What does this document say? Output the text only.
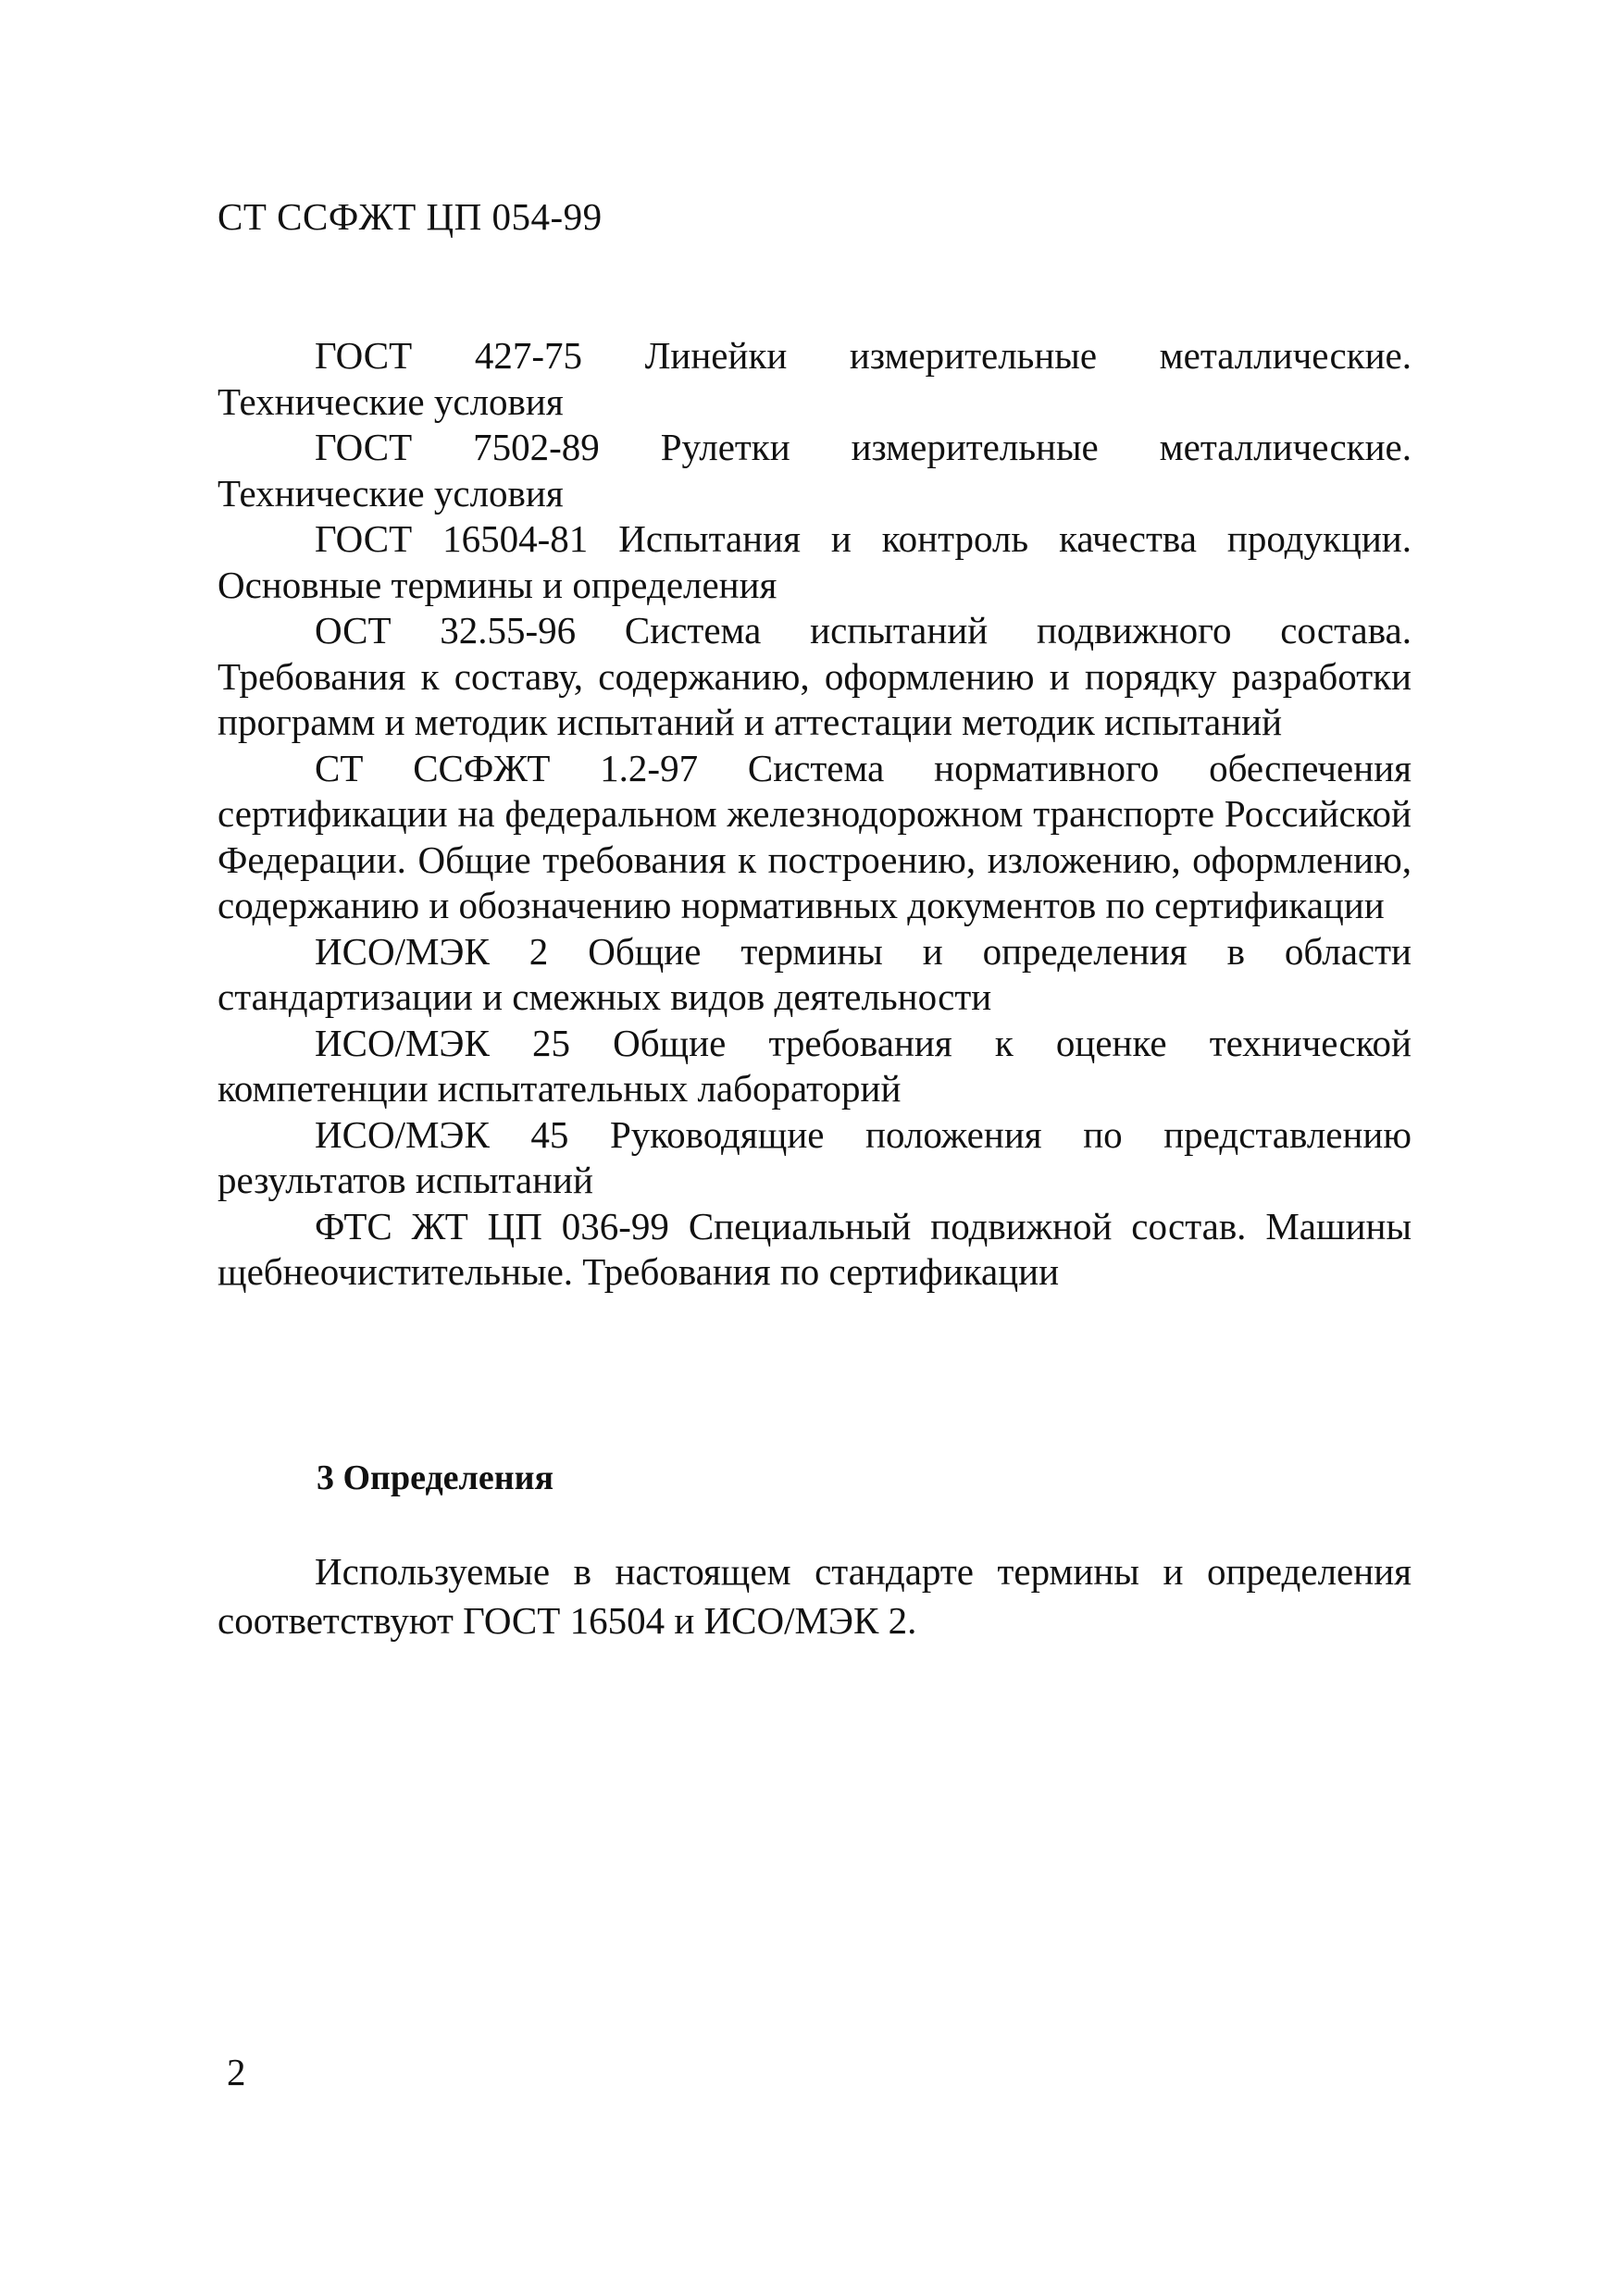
СТ ССФЖТ ЦП 054-99

ГОСТ 427-75 Линейки измерительные металлические. Технические условия

ГОСТ 7502-89 Рулетки измерительные металлические. Технические условия

ГОСТ 16504-81 Испытания и контроль качества продукции. Основные термины и определения

ОСТ 32.55-96 Система испытаний подвижного состава. Требования к составу, содержанию, оформлению и порядку разработки программ и методик испытаний и аттестации методик испытаний

СТ ССФЖТ 1.2-97 Система нормативного обеспечения сертификации на федеральном железнодорожном транспорте Российской Федерации. Общие требования к построению, изложению, оформлению, содержанию и обозначению нормативных документов по сертификации

ИСО/МЭК 2 Общие термины и определения в области стандартизации и смежных видов деятельности

ИСО/МЭК 25 Общие требования к оценке технической компетенции испытательных лабораторий

ИСО/МЭК 45 Руководящие положения по представлению результатов испытаний

ФТС ЖТ ЦП 036-99 Специальный подвижной состав. Машины щебнеочистительные. Требования по сертификации

3 Определения

Используемые в настоящем стандарте термины и определения соответствуют ГОСТ 16504 и ИСО/МЭК 2.

2
